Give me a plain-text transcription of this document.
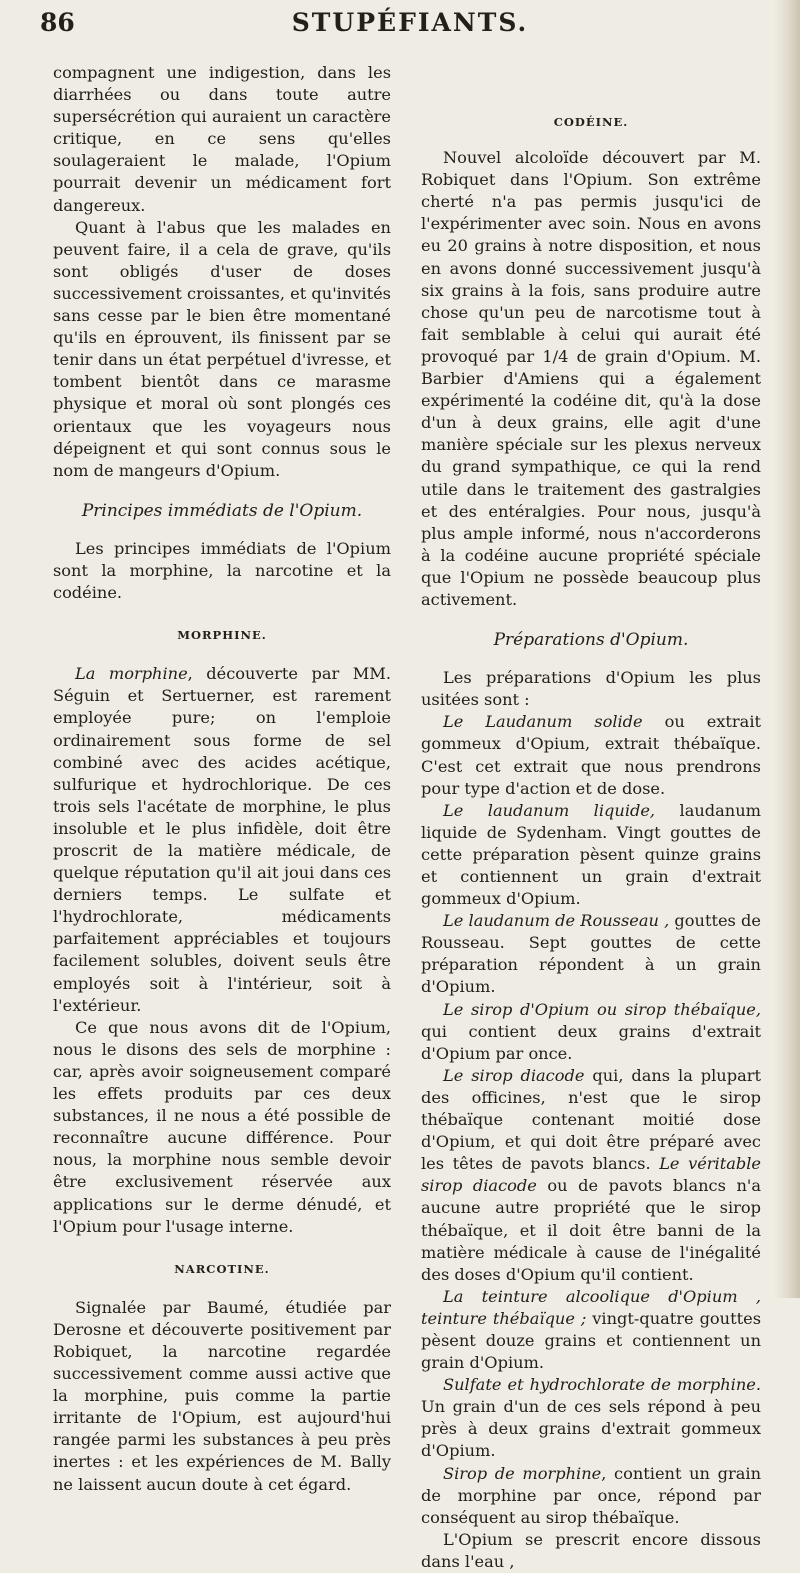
86	STUPÉFIANTS.

compagnent une indigestion, dans les diarrhées ou dans toute autre supersécrétion qui auraient un caractère critique, en ce sens qu'elles soulageraient le malade, l'Opium pourrait devenir un médicament fort dangereux.

Quant à l'abus que les malades en peuvent faire, il a cela de grave, qu'ils sont obligés d'user de doses successivement croissantes, et qu'invités sans cesse par le bien être momentané qu'ils en éprouvent, ils finissent par se tenir dans un état perpétuel d'ivresse, et tombent bientôt dans ce marasme physique et moral où sont plongés ces orientaux que les voyageurs nous dépeignent et qui sont connus sous le nom de mangeurs d'Opium.

Principes immédiats de l'Opium.

Les principes immédiats de l'Opium sont la morphine, la narcotine et la codéine.

MORPHINE.

La morphine, découverte par MM. Séguin et Sertuerner, est rarement employée pure; on l'emploie ordinairement sous forme de sel combiné avec des acides acétique, sulfurique et hydrochlorique. De ces trois sels l'acétate de morphine, le plus insoluble et le plus infidèle, doit être proscrit de la matière médicale, de quelque réputation qu'il ait joui dans ces derniers temps. Le sulfate et l'hydrochlorate, médicaments parfaitement appréciables et toujours facilement solubles, doivent seuls être employés soit à l'intérieur, soit à l'extérieur.

Ce que nous avons dit de l'Opium, nous le disons des sels de morphine : car, après avoir soigneusement comparé les effets produits par ces deux substances, il ne nous a été possible de reconnaître aucune différence. Pour nous, la morphine nous semble devoir être exclusivement réservée aux applications sur le derme dénudé, et l'Opium pour l'usage interne.

NARCOTINE.

Signalée par Baumé, étudiée par Derosne et découverte positivement par Robiquet, la narcotine regardée successivement comme aussi active que la morphine, puis comme la partie irritante de l'Opium, est aujourd'hui rangée parmi les substances à peu près inertes : et les expériences de M. Bally ne laissent aucun doute à cet égard.

CODÉINE.

Nouvel alcoloïde découvert par M. Robiquet dans l'Opium. Son extrême cherté n'a pas permis jusqu'ici de l'expérimenter avec soin. Nous en avons eu 20 grains à notre disposition, et nous en avons donné successivement jusqu'à six grains à la fois, sans produire autre chose qu'un peu de narcotisme tout à fait semblable à celui qui aurait été provoqué par 1/4 de grain d'Opium. M. Barbier d'Amiens qui a également expérimenté la codéine dit, qu'à la dose d'un à deux grains, elle agit d'une manière spéciale sur les plexus nerveux du grand sympathique, ce qui la rend utile dans le traitement des gastralgies et des entéralgies. Pour nous, jusqu'à plus ample informé, nous n'accorderons à la codéine aucune propriété spéciale que l'Opium ne possède beaucoup plus activement.

Préparations d'Opium.

Les préparations d'Opium les plus usitées sont :

Le Laudanum solide ou extrait gommeux d'Opium, extrait thébaïque. C'est cet extrait que nous prendrons pour type d'action et de dose.

Le laudanum liquide, laudanum liquide de Sydenham. Vingt gouttes de cette préparation pèsent quinze grains et contiennent un grain d'extrait gommeux d'Opium.

Le laudanum de Rousseau , gouttes de Rousseau. Sept gouttes de cette préparation répondent à un grain d'Opium.

Le sirop d'Opium ou sirop thébaïque, qui contient deux grains d'extrait d'Opium par once.

Le sirop diacode qui, dans la plupart des officines, n'est que le sirop thébaïque contenant moitié dose d'Opium, et qui doit être préparé avec les têtes de pavots blancs. Le véritable sirop diacode ou de pavots blancs n'a aucune autre propriété que le sirop thébaïque, et il doit être banni de la matière médicale à cause de l'inégalité des doses d'Opium qu'il contient.

La teinture alcoolique d'Opium , teinture thébaïque ; vingt-quatre gouttes pèsent douze grains et contiennent un grain d'Opium.

Sulfate et hydrochlorate de morphine. Un grain d'un de ces sels répond à peu près à deux grains d'extrait gommeux d'Opium.

Sirop de morphine, contient un grain de morphine par once, répond par conséquent au sirop thébaïque.

L'Opium se prescrit encore dissous dans l'eau ,
